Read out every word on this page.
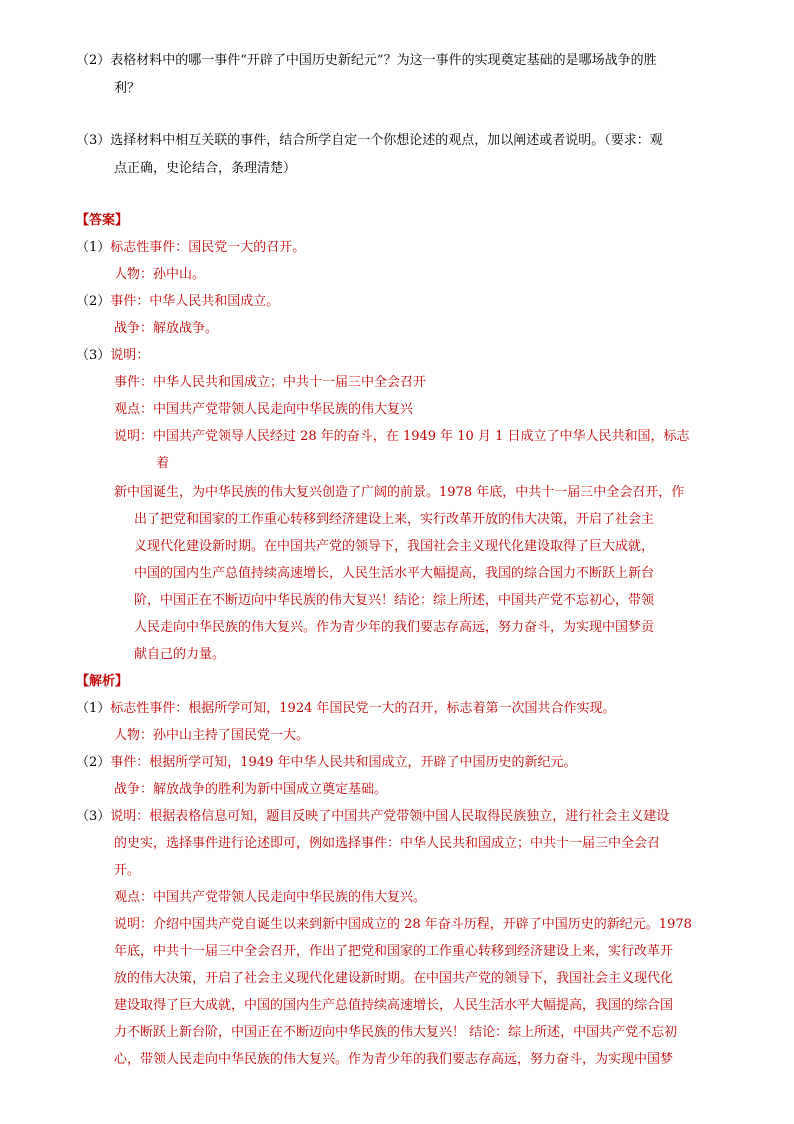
（2）表格材料中的哪一事件“开辟了中国历史新纪元”？为这一事件的实现奠定基础的是哪场战争的胜
利？
（3）选择材料中相互关联的事件，结合所学自定一个你想论述的观点，加以阐述或者说明。（要求：观
点正确，史论结合，条理清楚）
【答案】
（1）标志性事件：国民党一大的召开。
人物：孙中山。
（2）事件：中华人民共和国成立。
战争：解放战争。
（3）说明：
事件：中华人民共和国成立；中共十一届三中全会召开
观点：中国共产党带领人民走向中华民族的伟大复兴
说明：中国共产党领导人民经过 28 年的奋斗，在 1949 年 10 月 1 日成立了中华人民共和国，标志
着
新中国诞生，为中华民族的伟大复兴创造了广阔的前景。1978 年底，中共十一届三中全会召开，作
出了把党和国家的工作重心转移到经济建设上来，实行改革开放的伟大决策，开启了社会主
义现代化建设新时期。在中国共产党的领导下，我国社会主义现代化建设取得了巨大成就，
中国的国内生产总值持续高速增长，人民生活水平大幅提高，我国的综合国力不断跃上新台
阶，中国正在不断迈向中华民族的伟大复兴！结论：综上所述，中国共产党不忘初心，带领
人民走向中华民族的伟大复兴。作为青少年的我们要志存高远，努力奋斗，为实现中国梦贡
献自己的力量。
【解析】
（1）标志性事件：根据所学可知，1924 年国民党一大的召开，标志着第一次国共合作实现。
人物：孙中山主持了国民党一大。
（2）事件：根据所学可知，1949 年中华人民共和国成立，开辟了中国历史的新纪元。
战争：解放战争的胜利为新中国成立奠定基础。
（3）说明：根据表格信息可知，题目反映了中国共产党带领中国人民取得民族独立，进行社会主义建设
的史实，选择事件进行论述即可，例如选择事件：中华人民共和国成立；中共十一届三中全会召
开。
观点：中国共产党带领人民走向中华民族的伟大复兴。
说明：介绍中国共产党自诞生以来到新中国成立的 28 年奋斗历程，开辟了中国历史的新纪元。1978
年底，中共十一届三中全会召开，作出了把党和国家的工作重心转移到经济建设上来，实行改革开
放的伟大决策，开启了社会主义现代化建设新时期。在中国共产党的领导下，我国社会主义现代化
建设取得了巨大成就，中国的国内生产总值持续高速增长，人民生活水平大幅提高，我国的综合国
力不断跃上新台阶，中国正在不断迈向中华民族的伟大复兴！ 结论：综上所述，中国共产党不忘初
心，带领人民走向中华民族的伟大复兴。作为青少年的我们要志存高远，努力奋斗，为实现中国梦
